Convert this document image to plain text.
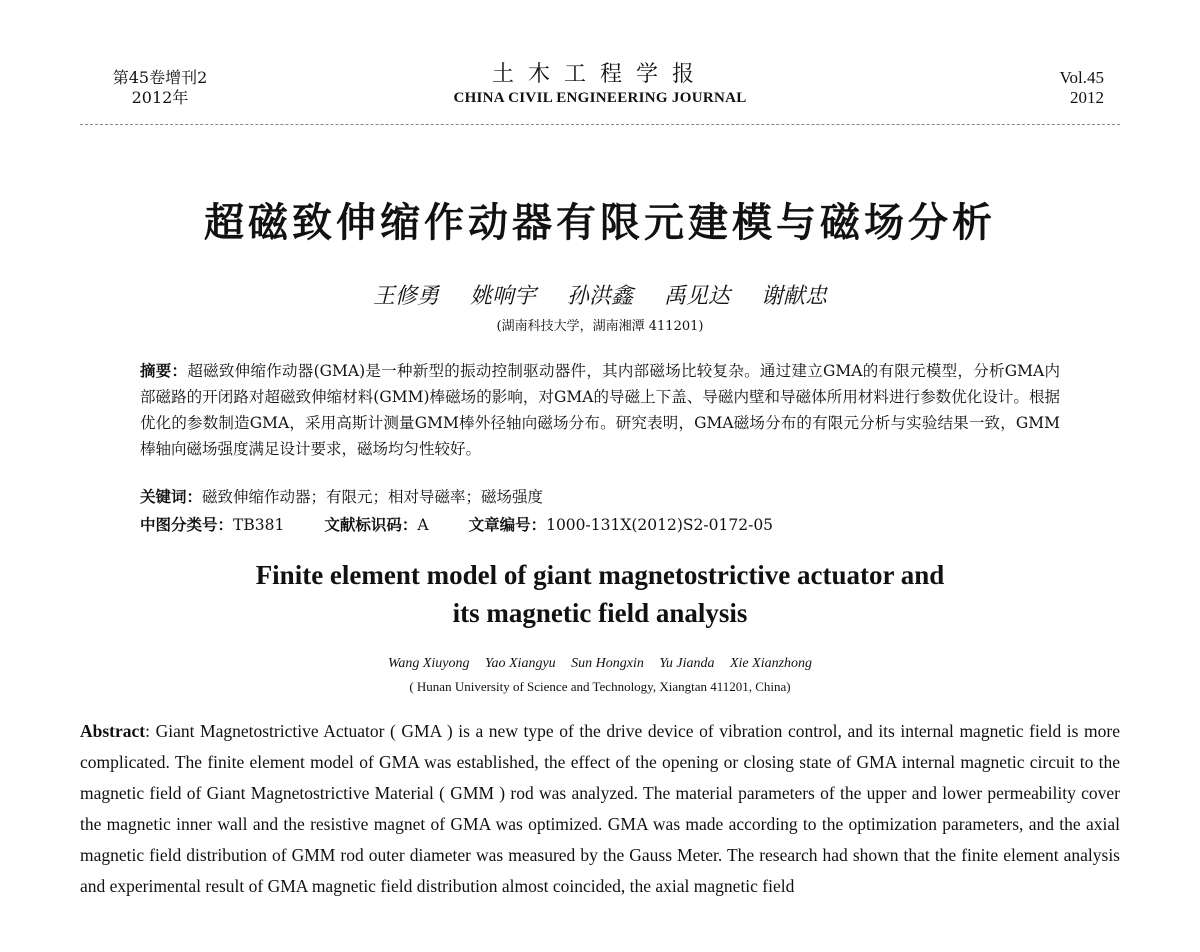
第45卷增刊2
2012年
土木工程学报
CHINA CIVIL ENGINEERING JOURNAL
Vol.45
2012
超磁致伸缩作动器有限元建模与磁场分析
王修勇 姚响宇 孙洪鑫 禹见达 谢献忠
(湖南科技大学，湖南湘潭 411201)
摘要：超磁致伸缩作动器(GMA)是一种新型的振动控制驱动器件，其内部磁场比较复杂。通过建立GMA的有限元模型，分析GMA内部磁路的开闭路对超磁致伸缩材料(GMM)棒磁场的影响，对GMA的导磁上下盖、导磁内壁和导磁体所用材料进行参数优化设计。根据优化的参数制造GMA，采用高斯计测量GMM棒外径轴向磁场分布。研究表明，GMA磁场分布的有限元分析与实验结果一致，GMM棒轴向磁场强度满足设计要求，磁场均匀性较好。
关键词：磁致伸缩作动器；有限元；相对导磁率；磁场强度
中图分类号：TB381	文献标识码：A	文章编号：1000-131X(2012)S2-0172-05
Finite element model of giant magnetostrictive actuator and
its magnetic field analysis
Wang Xiuyong Yao Xiangyu Sun Hongxin Yu Jianda Xie Xianzhong
( Hunan University of Science and Technology, Xiangtan 411201, China)
Abstract: Giant Magnetostrictive Actuator ( GMA ) is a new type of the drive device of vibration control, and its internal magnetic field is more complicated. The finite element model of GMA was established, the effect of the opening or closing state of GMA internal magnetic circuit to the magnetic field of Giant Magnetostrictive Material ( GMM ) rod was analyzed. The material parameters of the upper and lower permeability cover the magnetic inner wall and the resistive magnet of GMA was optimized. GMA was made according to the optimization parameters, and the axial magnetic field distribution of GMM rod outer diameter was measured by the Gauss Meter. The research had shown that the finite element analysis and experimental result of GMA magnetic field distribution almost coincided, the axial magnetic field
